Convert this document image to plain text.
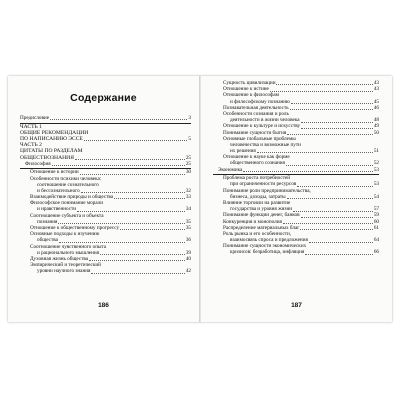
Содержание
Предисловие	3
ЧАСТЬ 1
ОБЩИЕ РЕКОМЕНДАЦИИ
ПО НАПИСАНИЮ ЭССЕ	5
ЧАСТЬ 2
ЦИТАТЫ ПО РАЗДЕЛАМ
ОБЩЕСТВОЗНАНИЯ	25
Философия	25
Отношение к истории	30
Особенности психики человека:
соотношение сознательного
и бессознательного	32
Взаимодействие природы и общества	33
Философское понимание морали
и нравственности	34
Соотношение субъекта и объекта
познания	35
Отношение к общественному прогрессу	35
Основные подходы к изучению
общества	36
Соотношение чувственного опыта
и рационального мышления	39
Духовная жизнь общества	40
Эмпирический и теоретический
уровни научного знания	42
186
Сущность цивилизации	43
Отношение к истине	43
Отношение к философам
и философскому познанию	45
Познавательная деятельность	46
Особенности сознания и роль
деятельности в жизни человека	48
Отношение к культуре и искусству	49
Понимание сущности бытия	50
Основные глобальные проблемы
человечества и возможные пути
их решения	51
Отношение к науке как форме
общественного сознания	52
Экономика	53
Проблема роста потребностей
при ограниченности ресурсов	53
Понимание роли предпринимательства,
бизнеса, доходы, затраты	54
Влияние торговли на развитие
государства и уровня жизни	57
Понимание функции денег, банков	59
Конкуренция и монополия	60
Распределение материальных благ	61
Роль рынка и его особенности,
взаимосвязь спроса и предложения	64
Понимание сущности экономических
кризисов: безработица, инфляция	66
187
